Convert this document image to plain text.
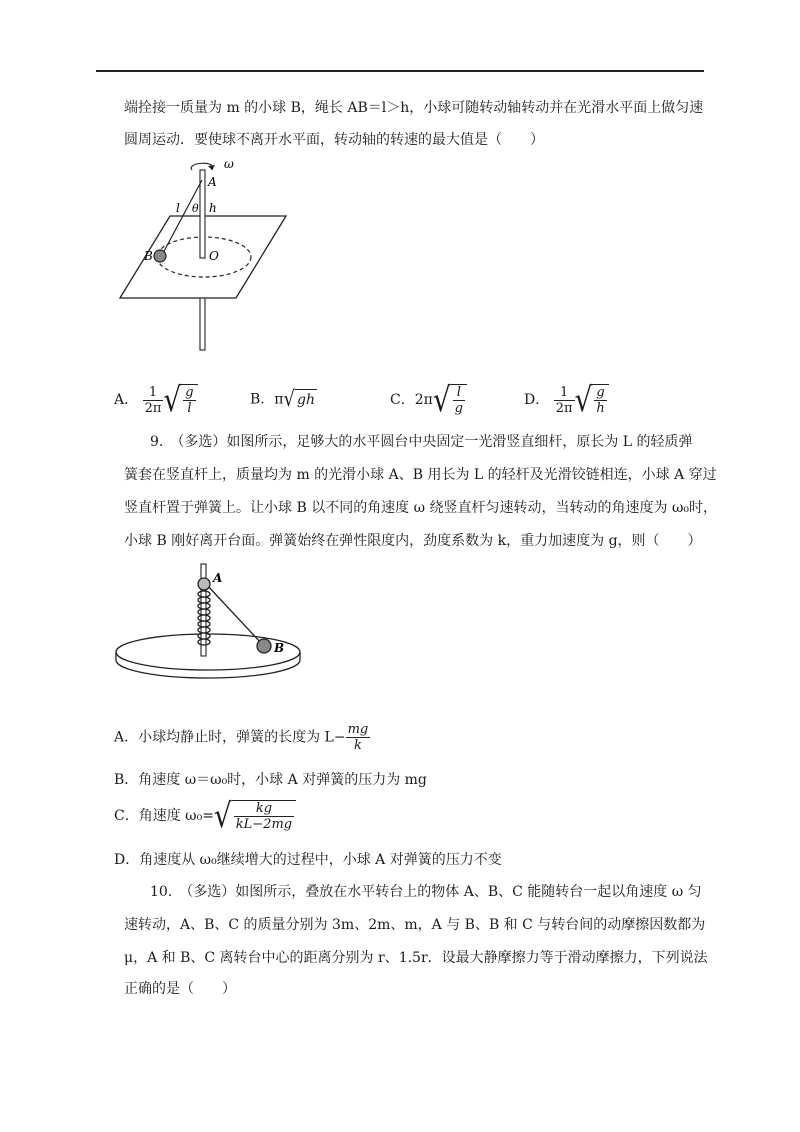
端拴接一质量为 m 的小球 B，绳长 AB＝l＞h，小球可随转动轴转动并在光滑水平面上做匀速
圆周运动．要使球不离开水平面，转动轴的转速的最大值是（　　）
ω
A
l θ h
B	O
A． $\frac{1}{2\pi}$ √ $\frac{g}{l}$	B．π√ gh	C．$2\pi√ \frac{l}{g}$	D． $\frac{1}{2\pi}$ √ $\frac{g}{h}$
9.　（多选）如图所示，足够大的水平圆台中央固定一光滑竖直细杆，原长为 L 的轻质弹
簧套在竖直杆上，质量均为 m 的光滑小球 A、B 用长为 L 的轻杆及光滑铰链相连，小球 A 穿过
竖直杆置于弹簧上。让小球 B 以不同的角速度 ω 绕竖直杆匀速转动，当转动的角速度为 ω₀时，
小球 B 刚好离开台面。弹簧始终在弹性限度内，劲度系数为 k，重力加速度为 g，则（　　）
A
B
A．小球均静止时，弹簧的长度为 $L- \frac{mg}{k}$
B．角速度 ω＝ω₀时，小球 A 对弹簧的压力为 mg
C．角速度 $\omega_0=√ \frac{kg}{kL-2mg}$
D．角速度从 ω₀继续增大的过程中，小球 A 对弹簧的压力不变
10.　（多选）如图所示，叠放在水平转台上的物体 A、B、C 能随转台一起以角速度 ω 匀
速转动，A、B、C 的质量分别为 3m、2m、m，A 与 B、B 和 C 与转台间的动摩擦因数都为
μ，A 和 B、C 离转台中心的距离分别为 r、1.5r．设最大静摩擦力等于滑动摩擦力，下列说法
正确的是（　　）
